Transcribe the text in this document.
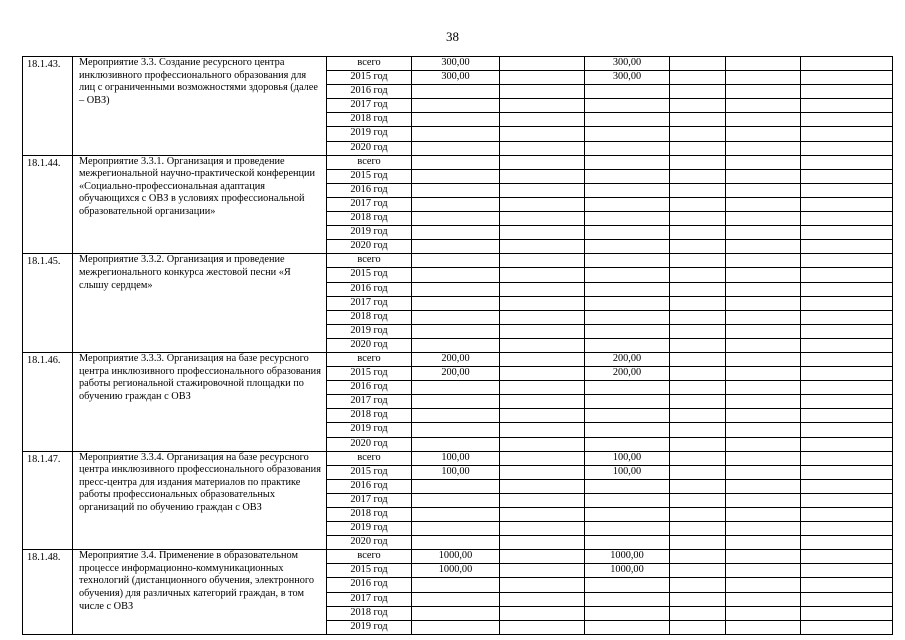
38
18.1.43.	Мероприятие 3.3. Создание ресурсного центра инклюзивного профессионального образования для лиц с ограниченными возможностями здоровья (далее – ОВЗ)	всего	300,00		300,00			
		2015 год	300,00		300,00			
		2016 год						
		2017 год						
		2018 год						
		2019 год						
		2020 год						
18.1.44.	Мероприятие 3.3.1. Организация и проведение межрегиональной научно-практической конференции «Социально-профессиональная адаптация обучающихся с ОВЗ в условиях профессиональной образовательной организации»	всего						
		2015 год						
		2016 год						
		2017 год						
		2018 год						
		2019 год						
		2020 год						
18.1.45.	Мероприятие 3.3.2. Организация и проведение межрегионального конкурса жестовой песни «Я слышу сердцем»	всего						
		2015 год						
		2016 год						
		2017 год						
		2018 год						
		2019 год						
		2020 год						
18.1.46.	Мероприятие 3.3.3. Организация на базе ресурсного центра инклюзивного профессионального образования работы региональной стажировочной площадки по обучению граждан с ОВЗ	всего	200,00		200,00			
		2015 год	200,00		200,00			
		2016 год						
		2017 год						
		2018 год						
		2019 год						
		2020 год						
18.1.47.	Мероприятие 3.3.4. Организация на базе ресурсного центра инклюзивного профессионального образования пресс-центра для издания материалов по практике работы профессиональных образовательных организаций по обучению граждан с ОВЗ	всего	100,00		100,00			
		2015 год	100,00		100,00			
		2016 год						
		2017 год						
		2018 год						
		2019 год						
		2020 год						
18.1.48.	Мероприятие 3.4. Применение в образовательном процессе информационно-коммуникационных технологий (дистанционного обучения, электронного обучения) для различных категорий граждан, в том числе с ОВЗ	всего	1000,00		1000,00			
		2015 год	1000,00		1000,00			
		2016 год						
		2017 год						
		2018 год						
		2019 год						
